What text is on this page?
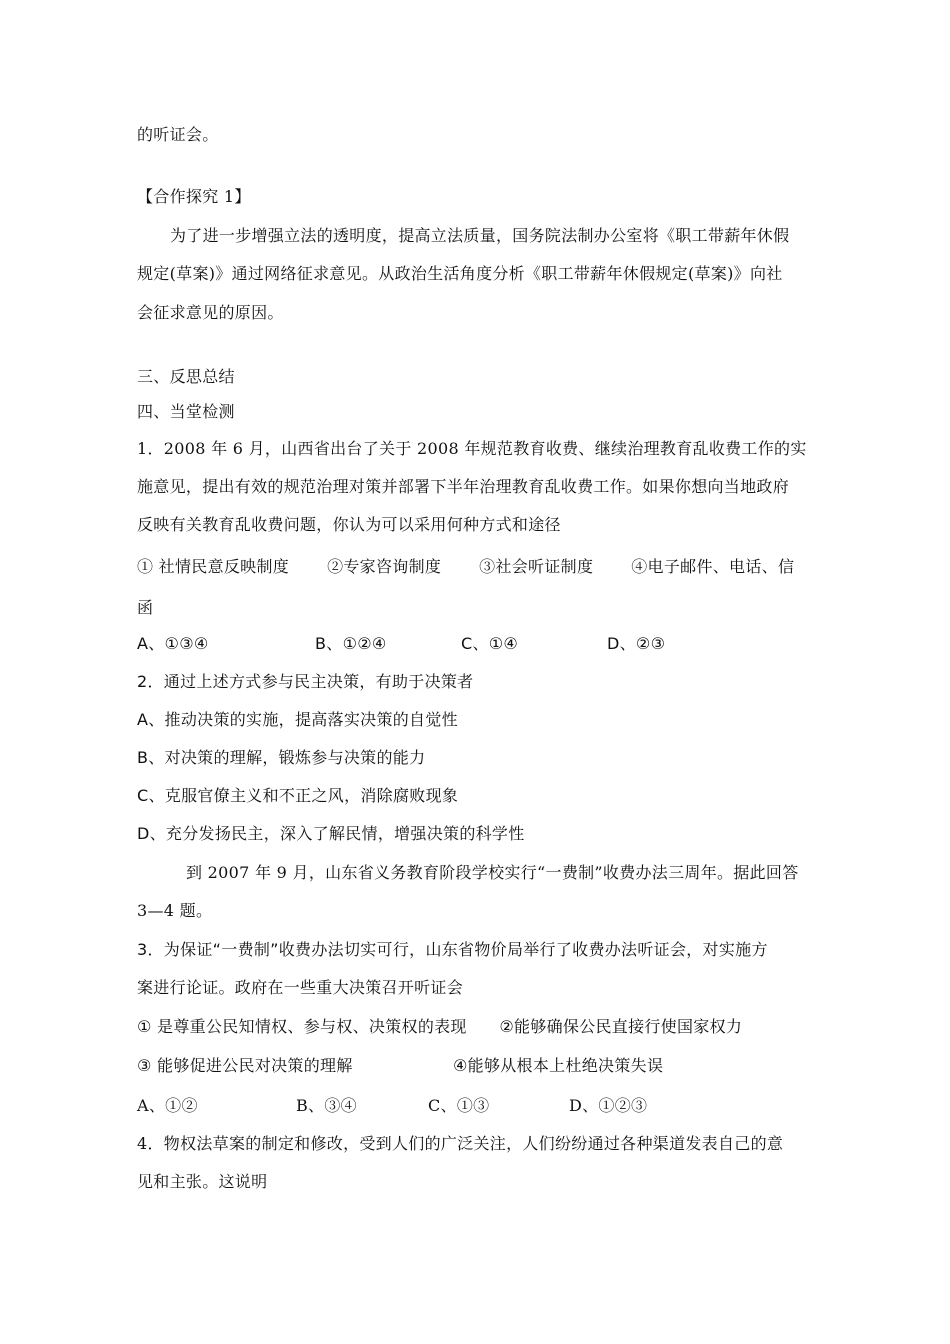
的听证会。
【合作探究 1】
为了进一步增强立法的透明度，提高立法质量，国务院法制办公室将《职工带薪年休假
规定(草案)》通过网络征求意见。从政治生活角度分析《职工带薪年休假规定(草案)》向社
会征求意见的原因。
三、反思总结
四、当堂检测
1．2008 年 6 月，山西省出台了关于 2008 年规范教育收费、继续治理教育乱收费工作的实
施意见，提出有效的规范治理对策并部署下半年治理教育乱收费工作。如果你想向当地政府
反映有关教育乱收费问题，你认为可以采用何种方式和途径
① 社情民意反映制度　　 ②专家咨询制度　　 ③社会听证制度　　 ④电子邮件、电话、信
函
A、①③④	B、①②④	C、①④	D、②③
2．通过上述方式参与民主决策，有助于决策者
A、推动决策的实施，提高落实决策的自觉性
B、对决策的理解，锻炼参与决策的能力
C、克服官僚主义和不正之风，消除腐败现象
D、充分发扬民主，深入了解民情，增强决策的科学性
到 2007 年 9 月，山东省义务教育阶段学校实行“一费制”收费办法三周年。据此回答
3—4 题。
3．为保证“一费制”收费办法切实可行，山东省物价局举行了收费办法听证会，对实施方
案进行论证。政府在一些重大决策召开听证会
① 是尊重公民知情权、参与权、决策权的表现　　②能够确保公民直接行使国家权力
③ 能够促进公民对决策的理解	④能够从根本上杜绝决策失误
A、①②	B、③④	C、①③	D、①②③
4．物权法草案的制定和修改，受到人们的广泛关注，人们纷纷通过各种渠道发表自己的意
见和主张。这说明
